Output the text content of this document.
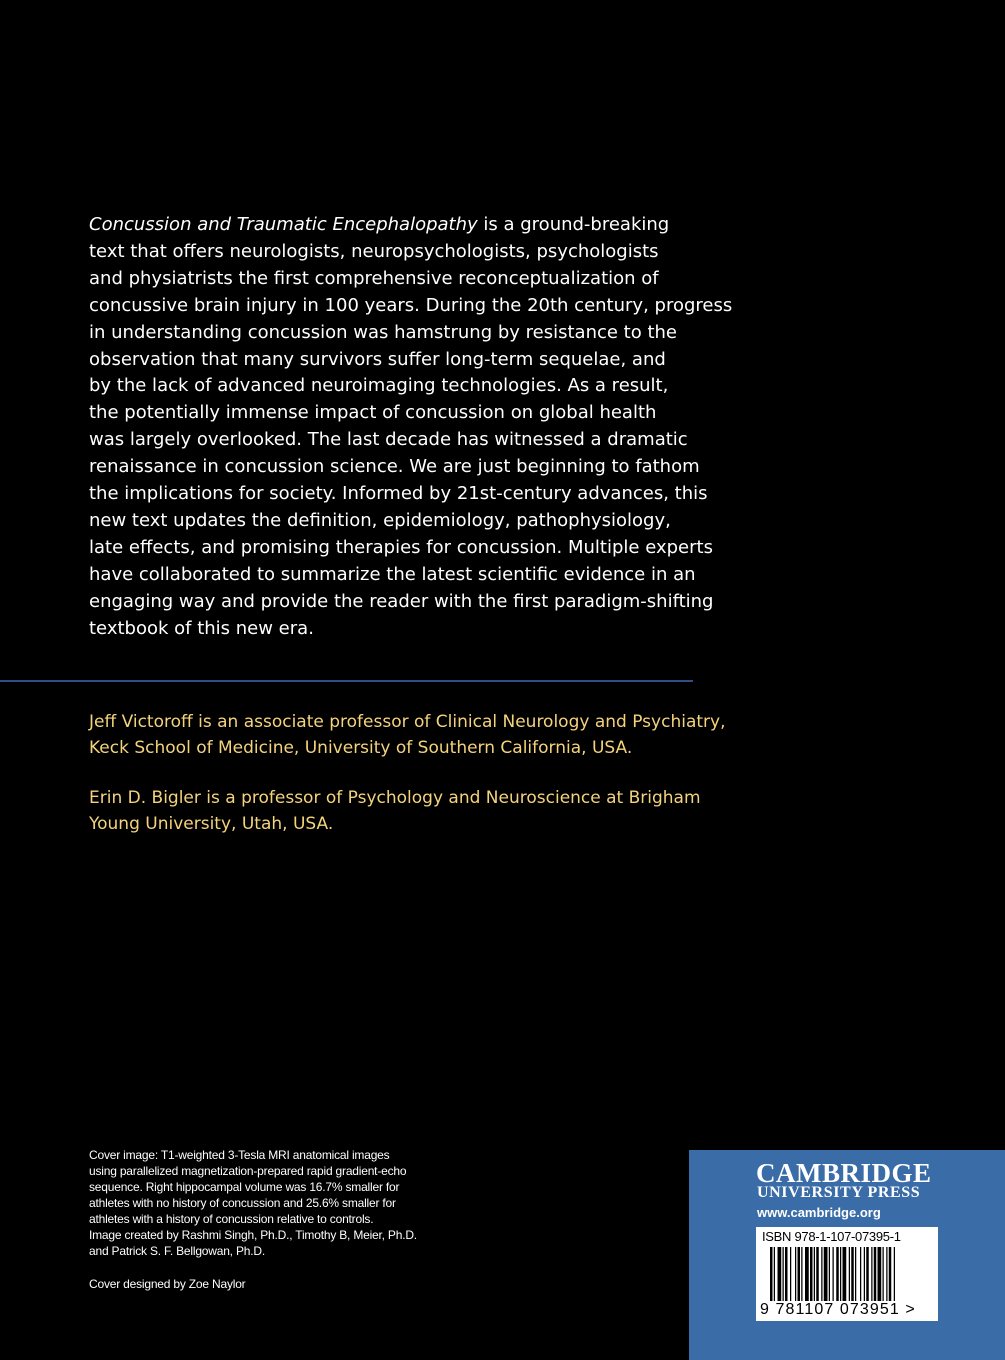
Concussion and Traumatic Encephalopathy is a ground-breaking
text that offers neurologists, neuropsychologists, psychologists
and physiatrists the first comprehensive reconceptualization of
concussive brain injury in 100 years. During the 20th century, progress
in understanding concussion was hamstrung by resistance to the
observation that many survivors suffer long-term sequelae, and
by the lack of advanced neuroimaging technologies. As a result,
the potentially immense impact of concussion on global health
was largely overlooked. The last decade has witnessed a dramatic
renaissance in concussion science. We are just beginning to fathom
the implications for society. Informed by 21st-century advances, this
new text updates the definition, epidemiology, pathophysiology,
late effects, and promising therapies for concussion. Multiple experts
have collaborated to summarize the latest scientific evidence in an
engaging way and provide the reader with the first paradigm-shifting
textbook of this new era.

Jeff Victoroff is an associate professor of Clinical Neurology and Psychiatry,
Keck School of Medicine, University of Southern California, USA.

Erin D. Bigler is a professor of Psychology and Neuroscience at Brigham
Young University, Utah, USA.

Cover image: T1-weighted 3-Tesla MRI anatomical images
using parallelized magnetization-prepared rapid gradient-echo
sequence. Right hippocampal volume was 16.7% smaller for
athletes with no history of concussion and 25.6% smaller for
athletes with a history of concussion relative to controls.
Image created by Rashmi Singh, Ph.D., Timothy B, Meier, Ph.D.
and Patrick S. F. Bellgowan, Ph.D.
Cover designed by Zoe Naylor
CAMBRIDGE
UNIVERSITY PRESS
www.cambridge.org
ISBN 978-1-107-07395-1
9 781107 073951 >
